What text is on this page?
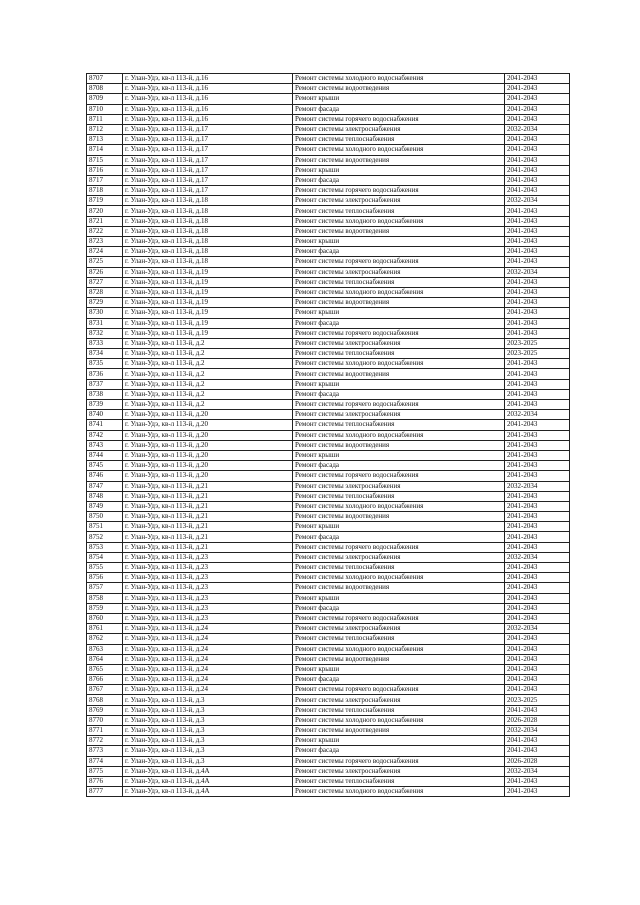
8707	г. Улан-Удэ, кв-л 113-й, д.16	Ремонт системы холодного водоснабжения	2041-2043
8708	г. Улан-Удэ, кв-л 113-й, д.16	Ремонт системы водоотведения	2041-2043
8709	г. Улан-Удэ, кв-л 113-й, д.16	Ремонт крыши	2041-2043
8710	г. Улан-Удэ, кв-л 113-й, д.16	Ремонт фасада	2041-2043
8711	г. Улан-Удэ, кв-л 113-й, д.16	Ремонт системы горячего водоснабжения	2041-2043
8712	г. Улан-Удэ, кв-л 113-й, д.17	Ремонт системы электроснабжения	2032-2034
8713	г. Улан-Удэ, кв-л 113-й, д.17	Ремонт системы теплоснабжения	2041-2043
8714	г. Улан-Удэ, кв-л 113-й, д.17	Ремонт системы холодного водоснабжения	2041-2043
8715	г. Улан-Удэ, кв-л 113-й, д.17	Ремонт системы водоотведения	2041-2043
8716	г. Улан-Удэ, кв-л 113-й, д.17	Ремонт крыши	2041-2043
8717	г. Улан-Удэ, кв-л 113-й, д.17	Ремонт фасада	2041-2043
8718	г. Улан-Удэ, кв-л 113-й, д.17	Ремонт системы горячего водоснабжения	2041-2043
8719	г. Улан-Удэ, кв-л 113-й, д.18	Ремонт системы электроснабжения	2032-2034
8720	г. Улан-Удэ, кв-л 113-й, д.18	Ремонт системы теплоснабжения	2041-2043
8721	г. Улан-Удэ, кв-л 113-й, д.18	Ремонт системы холодного водоснабжения	2041-2043
8722	г. Улан-Удэ, кв-л 113-й, д.18	Ремонт системы водоотведения	2041-2043
8723	г. Улан-Удэ, кв-л 113-й, д.18	Ремонт крыши	2041-2043
8724	г. Улан-Удэ, кв-л 113-й, д.18	Ремонт фасада	2041-2043
8725	г. Улан-Удэ, кв-л 113-й, д.18	Ремонт системы горячего водоснабжения	2041-2043
8726	г. Улан-Удэ, кв-л 113-й, д.19	Ремонт системы электроснабжения	2032-2034
8727	г. Улан-Удэ, кв-л 113-й, д.19	Ремонт системы теплоснабжения	2041-2043
8728	г. Улан-Удэ, кв-л 113-й, д.19	Ремонт системы холодного водоснабжения	2041-2043
8729	г. Улан-Удэ, кв-л 113-й, д.19	Ремонт системы водоотведения	2041-2043
8730	г. Улан-Удэ, кв-л 113-й, д.19	Ремонт крыши	2041-2043
8731	г. Улан-Удэ, кв-л 113-й, д.19	Ремонт фасада	2041-2043
8732	г. Улан-Удэ, кв-л 113-й, д.19	Ремонт системы горячего водоснабжения	2041-2043
8733	г. Улан-Удэ, кв-л 113-й, д.2	Ремонт системы электроснабжения	2023-2025
8734	г. Улан-Удэ, кв-л 113-й, д.2	Ремонт системы теплоснабжения	2023-2025
8735	г. Улан-Удэ, кв-л 113-й, д.2	Ремонт системы холодного водоснабжения	2041-2043
8736	г. Улан-Удэ, кв-л 113-й, д.2	Ремонт системы водоотведения	2041-2043
8737	г. Улан-Удэ, кв-л 113-й, д.2	Ремонт крыши	2041-2043
8738	г. Улан-Удэ, кв-л 113-й, д.2	Ремонт фасада	2041-2043
8739	г. Улан-Удэ, кв-л 113-й, д.2	Ремонт системы горячего водоснабжения	2041-2043
8740	г. Улан-Удэ, кв-л 113-й, д.20	Ремонт системы электроснабжения	2032-2034
8741	г. Улан-Удэ, кв-л 113-й, д.20	Ремонт системы теплоснабжения	2041-2043
8742	г. Улан-Удэ, кв-л 113-й, д.20	Ремонт системы холодного водоснабжения	2041-2043
8743	г. Улан-Удэ, кв-л 113-й, д.20	Ремонт системы водоотведения	2041-2043
8744	г. Улан-Удэ, кв-л 113-й, д.20	Ремонт крыши	2041-2043
8745	г. Улан-Удэ, кв-л 113-й, д.20	Ремонт фасада	2041-2043
8746	г. Улан-Удэ, кв-л 113-й, д.20	Ремонт системы горячего водоснабжения	2041-2043
8747	г. Улан-Удэ, кв-л 113-й, д.21	Ремонт системы электроснабжения	2032-2034
8748	г. Улан-Удэ, кв-л 113-й, д.21	Ремонт системы теплоснабжения	2041-2043
8749	г. Улан-Удэ, кв-л 113-й, д.21	Ремонт системы холодного водоснабжения	2041-2043
8750	г. Улан-Удэ, кв-л 113-й, д.21	Ремонт системы водоотведения	2041-2043
8751	г. Улан-Удэ, кв-л 113-й, д.21	Ремонт крыши	2041-2043
8752	г. Улан-Удэ, кв-л 113-й, д.21	Ремонт фасада	2041-2043
8753	г. Улан-Удэ, кв-л 113-й, д.21	Ремонт системы горячего водоснабжения	2041-2043
8754	г. Улан-Удэ, кв-л 113-й, д.23	Ремонт системы электроснабжения	2032-2034
8755	г. Улан-Удэ, кв-л 113-й, д.23	Ремонт системы теплоснабжения	2041-2043
8756	г. Улан-Удэ, кв-л 113-й, д.23	Ремонт системы холодного водоснабжения	2041-2043
8757	г. Улан-Удэ, кв-л 113-й, д.23	Ремонт системы водоотведения	2041-2043
8758	г. Улан-Удэ, кв-л 113-й, д.23	Ремонт крыши	2041-2043
8759	г. Улан-Удэ, кв-л 113-й, д.23	Ремонт фасада	2041-2043
8760	г. Улан-Удэ, кв-л 113-й, д.23	Ремонт системы горячего водоснабжения	2041-2043
8761	г. Улан-Удэ, кв-л 113-й, д.24	Ремонт системы электроснабжения	2032-2034
8762	г. Улан-Удэ, кв-л 113-й, д.24	Ремонт системы теплоснабжения	2041-2043
8763	г. Улан-Удэ, кв-л 113-й, д.24	Ремонт системы холодного водоснабжения	2041-2043
8764	г. Улан-Удэ, кв-л 113-й, д.24	Ремонт системы водоотведения	2041-2043
8765	г. Улан-Удэ, кв-л 113-й, д.24	Ремонт крыши	2041-2043
8766	г. Улан-Удэ, кв-л 113-й, д.24	Ремонт фасада	2041-2043
8767	г. Улан-Удэ, кв-л 113-й, д.24	Ремонт системы горячего водоснабжения	2041-2043
8768	г. Улан-Удэ, кв-л 113-й, д.3	Ремонт системы электроснабжения	2023-2025
8769	г. Улан-Удэ, кв-л 113-й, д.3	Ремонт системы теплоснабжения	2041-2043
8770	г. Улан-Удэ, кв-л 113-й, д.3	Ремонт системы холодного водоснабжения	2026-2028
8771	г. Улан-Удэ, кв-л 113-й, д.3	Ремонт системы водоотведения	2032-2034
8772	г. Улан-Удэ, кв-л 113-й, д.3	Ремонт крыши	2041-2043
8773	г. Улан-Удэ, кв-л 113-й, д.3	Ремонт фасада	2041-2043
8774	г. Улан-Удэ, кв-л 113-й, д.3	Ремонт системы горячего водоснабжения	2026-2028
8775	г. Улан-Удэ, кв-л 113-й, д.4А	Ремонт системы электроснабжения	2032-2034
8776	г. Улан-Удэ, кв-л 113-й, д.4А	Ремонт системы теплоснабжения	2041-2043
8777	г. Улан-Удэ, кв-л 113-й, д.4А	Ремонт системы холодного водоснабжения	2041-2043
